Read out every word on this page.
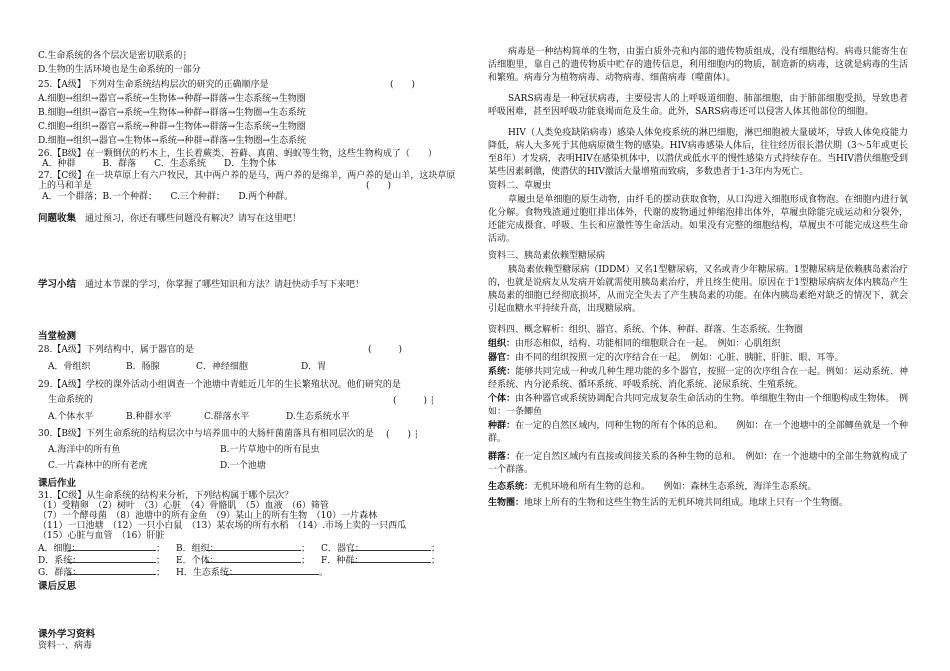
C.生命系统的各个层次是密切联系的┆
D.生物的生活环境也是生命系统的一部分
25.【A级】 下列对生命系统结构层次的研究的正确顺序是	(　　)
A.细胞→组织→器官→系统→生物体→种群→群落→生态系统→生物圈
B.细胞→组织→器官→系统→生物体→种群→群落→生物圈→生态系统
C.细胞→组织→器官→系统→种群→生物体→群落→生态系统→生物圈
D.细胞→组织→器官→生物体→系统→种群→群落→生物圈→生态系统
26.【B级】在一颗倒伏的朽木上，生长着蕨类、苔藓、真菌、蚂蚁等生物，这些生物构成了（　　）
A．种群　　　B．群落　　C．生态系统　　D．生物个体
27.【C级】在一块草原上有六户牧民，其中两户养的是马，两户养的是绵羊，两户养的是山羊，这块草原
上的马和羊是	(　　)
A．一个群落；B.一个种群；　　C.三个种群；　　D.两个种群。
问题收集　 通过预习，你还有哪些问题没有解决？请写在这里吧！
学习小结　 通过本节课的学习，你掌握了哪些知识和方法？请赶快动手写下来吧！
当堂检测
28.【A级】下列结构中，属于器官的是	(　　　)
A．骨组织	B．肠腺	C．神经细胞	D．胃
29.【A级】学校的课外活动小组调查一个池塘中青蛙近几年的生长繁殖状况。他们研究的是
生命系统的	(　　　) ┆
A.个体水平	B.种群水平	C.群落水平	D.生态系统水平
30.【B级】下列生命系统的结构层次中与培养皿中的大肠杆菌菌落具有相同层次的是 (　　) ┆
A.海洋中的所有鱼	B.一片草地中的所有昆虫
C.一片森林中的所有老虎	D.一个池塘
课后作业
31.【C级】从生命系统的结构来分析，下列结构属于哪个层次？
（1）受精卵　（2）树叶　（3）心脏　（4）骨骼肌　（5）血液　（6）筛管
（7）一个酵母菌　（8）池塘中的所有金鱼　（9）某山上的所有生物　（10）一片森林
（11）一口池塘　（12）一只小白鼠　（13）某农场的所有水稻　（14）.市场上卖的一只西瓜
（15）心脏与血管　（16）肝脏
A．细胞：	； B．组织：	； C．器官：	；
D．系统：	； E．个体：	； F．种群：	；
G．群落：	； H．生态系统：	。
课后反思
课外学习资料
资料一、病毒
病毒是一种结构简单的生物，由蛋白质外壳和内部的遗传物质组成，没有细胞结构。病毒只能寄生在活细胞里，靠自己的遗传物质中贮存的遗传信息，利用细胞内的物质，制造新的病毒，这就是病毒的生活和繁殖。病毒分为植物病毒、动物病毒、细菌病毒（噬菌体）。
SARS病毒是一种冠状病毒，主要侵害人的上呼吸道细胞、肺部细胞，由于肺部细胞受损，导致患者呼吸困难，甚至因呼吸功能衰竭而危及生命。此外，SARS病毒还可以侵害人体其他部位的细胞。
HIV（人类免疫缺陷病毒）感染人体免疫系统的淋巴细胞，淋巴细胞被大量破坏，导致人体免疫能力降低，病人大多死于其他病原微生物的感染。HIV病毒感染人体后，往往经历很长潜伏期（3～5年或更长至8年）才发病，表明HIV在感染机体中，以潜伏或低水平的慢性感染方式持续存在。当HIV潜伏细胞受到某些因素刺激，使潜伏的HIV激活大量增殖而致病，多数患者于1-3年内为死亡。
资料二、草履虫
草履虫是单细胞的原生动物，由纤毛的摆动获取食物，从口沟进入细胞形成食物泡。在细胞内进行氧化分解。食物残渣通过胞肛排出体外，代谢的废物通过伸缩泡排出体外，草履虫除能完成运动和分裂外，还能完成摄食、呼吸、生长和应激性等生命活动。如果没有完整的细胞结构，草履虫不可能完成这些生命活动。
资料三、胰岛素依赖型糖尿病
胰岛素依赖型糖尿病（IDDM）又名1型糖尿病，又名或青少年糖尿病。1型糖尿病是依赖胰岛素治疗的，也就是说病友从发病开始就需使用胰岛素治疗，并且终生使用。原因在于1型糖尿病病友体内胰岛产生胰岛素的细胞已经彻底损坏，从而完全失去了产生胰岛素的功能。在体内胰岛素绝对缺乏的情况下，就会引起血糖水平持续升高，出现糖尿病。
资料四、概念解析：组织、器官、系统、个体、种群、群落、生态系统、生物圈
组织：由形态相似，结构、功能相同的细胞联合在一起。　例如：心肌组织
器官：由不同的组织按照一定的次序结合在一起。　例如：心脏、胰脏、肝脏、眼、耳等。
系统：能够共同完成一种或几种生理功能的多个器官，按照一定的次序组合在一起。例如：运动系统、神经系统、内分泌系统、循环系统、呼吸系统、消化系统、泌尿系统、生殖系统。
个体：由各种器官或系统协调配合共同完成复杂生命活动的生物。单细胞生物由一个细胞构成生物体。　例如：一条鲫鱼
种群：在一定的自然区域内，同种生物的所有个体的总和。　　例如：在一个池塘中的全部鲫鱼就是一个种群。
群落：在一定自然区域内有直接或间接关系的各种生物的总和。　例如：在一个池塘中的全部生物就构成了一个群落。
生态系统：无机环境和所有生物的总和。　　例如：森林生态系统，海洋生态系统。
生物圈：地球上所有的生物和这些生物生活的无机环境共同组成。地球上只有一个生物圈。
